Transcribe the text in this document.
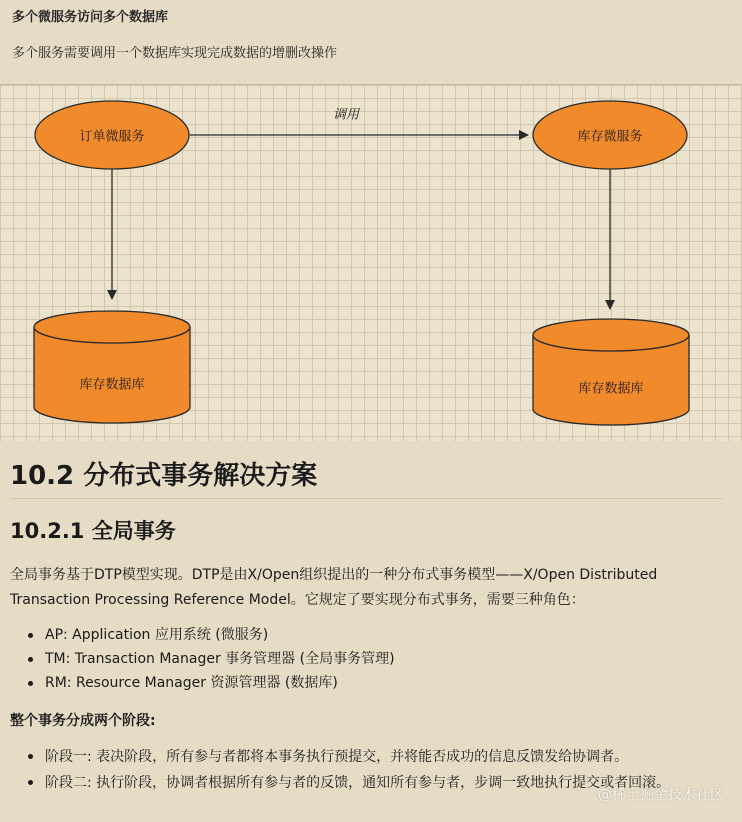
多个微服务访问多个数据库
多个服务需要调用一个数据库实现完成数据的增删改操作
订单微服务	库存微服务
调用
库存数据库	库存数据库
10.2 分布式事务解决方案
10.2.1 全局事务
全局事务基于DTP模型实现。DTP是由X/Open组织提出的一种分布式事务模型——X/Open Distributed Transaction Processing Reference Model。它规定了要实现分布式事务，需要三种角色：
AP: Application 应用系统 (微服务)
TM: Transaction Manager 事务管理器 (全局事务管理)
RM: Resource Manager 资源管理器 (数据库)
整个事务分成两个阶段:
阶段一: 表决阶段，所有参与者都将本事务执行预提交，并将能否成功的信息反馈发给协调者。
阶段二: 执行阶段，协调者根据所有参与者的反馈，通知所有参与者，步调一致地执行提交或者回滚。
@稀土掘金技术社区
